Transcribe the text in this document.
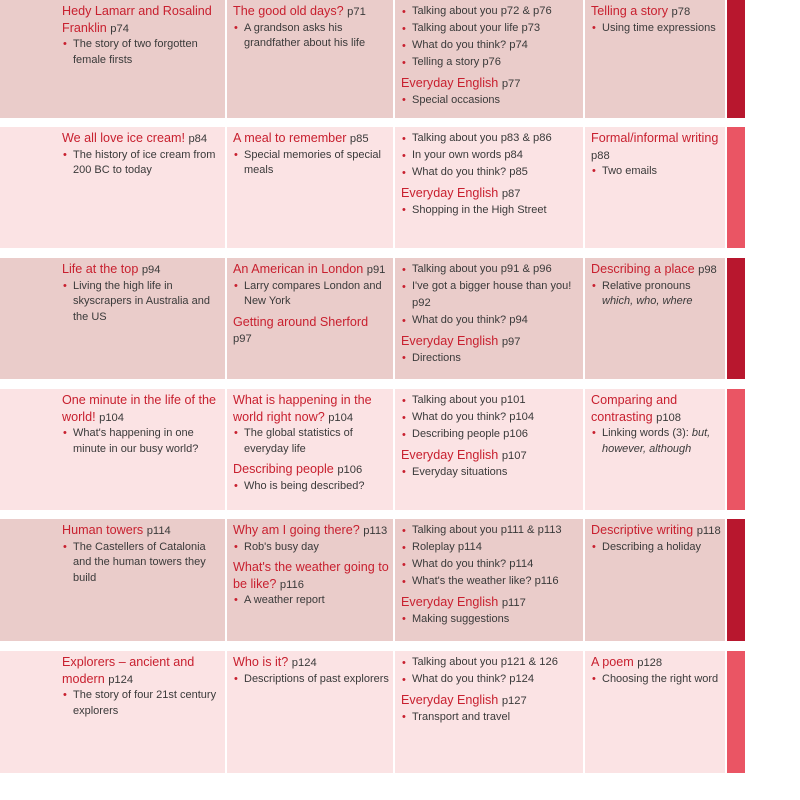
Hedy Lamarr and Rosalind Franklin p74
• The story of two forgotten female firsts
The good old days? p71
• A grandson asks his grandfather about his life
• Talking about you p72 & p76
• Talking about your life p73
• What do you think? p74
• Telling a story p76
Everyday English p77
• Special occasions
Telling a story p78
• Using time expressions
We all love ice cream! p84
• The history of ice cream from 200 BC to today
A meal to remember p85
• Special memories of special meals
• Talking about you p83 & p86
• In your own words p84
• What do you think? p85
Everyday English p87
• Shopping in the High Street
Formal/informal writing p88
• Two emails
Life at the top p94
• Living the high life in skyscrapers in Australia and the US
An American in London p91
• Larry compares London and New York
Getting around Sherford p97
• Talking about you p91 & p96
• I've got a bigger house than you! p92
• What do you think? p94
Everyday English p97
• Directions
Describing a place p98
• Relative pronouns which, who, where
One minute in the life of the world! p104
• What's happening in one minute in our busy world?
What is happening in the world right now? p104
• The global statistics of everyday life
Describing people p106
• Who is being described?
• Talking about you p101
• What do you think? p104
• Describing people p106
Everyday English p107
• Everyday situations
Comparing and contrasting p108
• Linking words (3): but, however, although
Human towers p114
• The Castellers of Catalonia and the human towers they build
Why am I going there? p113
• Rob's busy day
What's the weather going to be like? p116
• A weather report
• Talking about you p111 & p113
• Roleplay p114
• What do you think? p114
• What's the weather like? p116
Everyday English p117
• Making suggestions
Descriptive writing p118
• Describing a holiday
Explorers – ancient and modern p124
• The story of four 21st century explorers
Who is it? p124
• Descriptions of past explorers
• Talking about you p121 & 126
• What do you think? p124
Everyday English p127
• Transport and travel
A poem p128
• Choosing the right word
